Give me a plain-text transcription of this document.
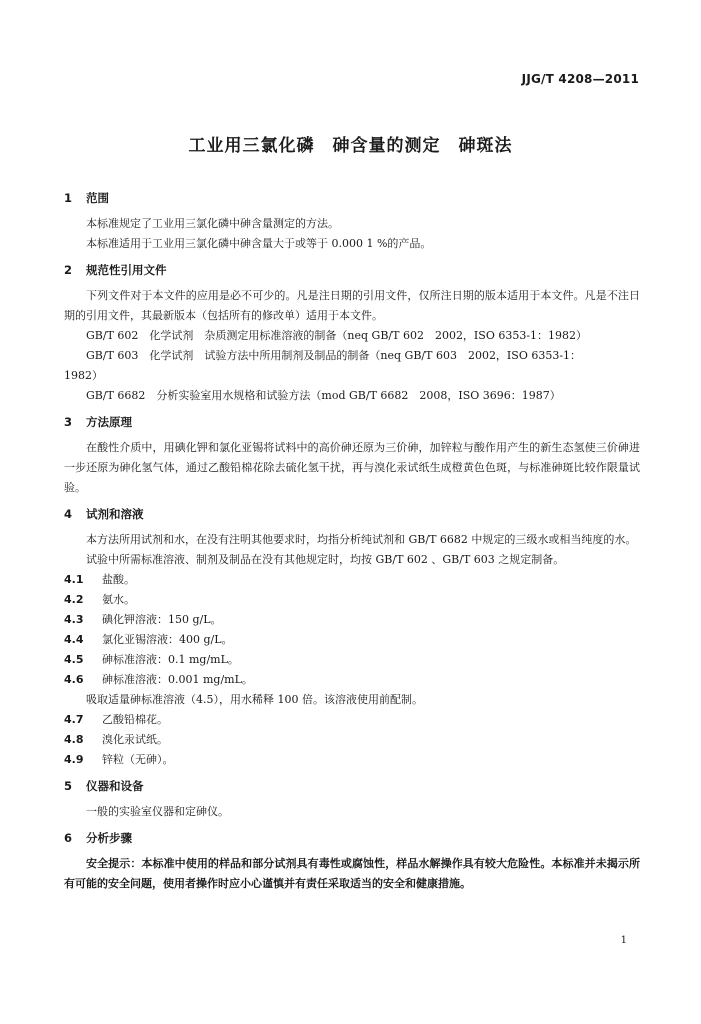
JJG/T 4208—2011
工业用三氯化磷　砷含量的测定　砷斑法
1	范围

本标准规定了工业用三氯化磷中砷含量测定的方法。

本标准适用于工业用三氯化磷中砷含量大于或等于 0.000 1 %的产品。

2	规范性引用文件

下列文件对于本文件的应用是必不可少的。凡是注日期的引用文件，仅所注日期的版本适用于本文件。凡是不注日期的引用文件，其最新版本（包括所有的修改单）适用于本文件。

GB/T 602　化学试剂　杂质测定用标准溶液的制备（neq GB/T 602　2002，ISO 6353-1：1982）

GB/T 603　化学试剂　试验方法中所用制剂及制品的制备（neq GB/T 603　2002，ISO 6353-1：

1982）

GB/T 6682　分析实验室用水规格和试验方法（mod GB/T 6682　2008，ISO 3696：1987）

3	方法原理

在酸性介质中，用碘化钾和氯化亚锡将试料中的高价砷还原为三价砷，加锌粒与酸作用产生的新生态氢使三价砷进一步还原为砷化氢气体，通过乙酸铅棉花除去硫化氢干扰，再与溴化汞试纸生成橙黄色色斑，与标准砷斑比较作限量试验。

4	试剂和溶液

本方法所用试剂和水，在没有注明其他要求时，均指分析纯试剂和 GB/T 6682 中规定的三级水或相当纯度的水。

试验中所需标准溶液、制剂及制品在没有其他规定时，均按 GB/T 602 、GB/T 603 之规定制备。

4.1	盐酸。
4.2	氨水。
4.3	碘化钾溶液：150 g/L。
4.4	氯化亚锡溶液：400 g/L。
4.5	砷标准溶液：0.1 mg/mL。
4.6	砷标准溶液：0.001 mg/mL。

吸取适量砷标准溶液（4.5），用水稀释 100 倍。该溶液使用前配制。

4.7	乙酸铅棉花。
4.8	溴化汞试纸。
4.9	锌粒（无砷）。
5	仪器和设备

一般的实验室仪器和定砷仪。

6	分析步骤

安全提示：本标准中使用的样品和部分试剂具有毒性或腐蚀性，样品水解操作具有较大危险性。本标准并未揭示所有可能的安全问题，使用者操作时应小心谨慎并有责任采取适当的安全和健康措施。

1
